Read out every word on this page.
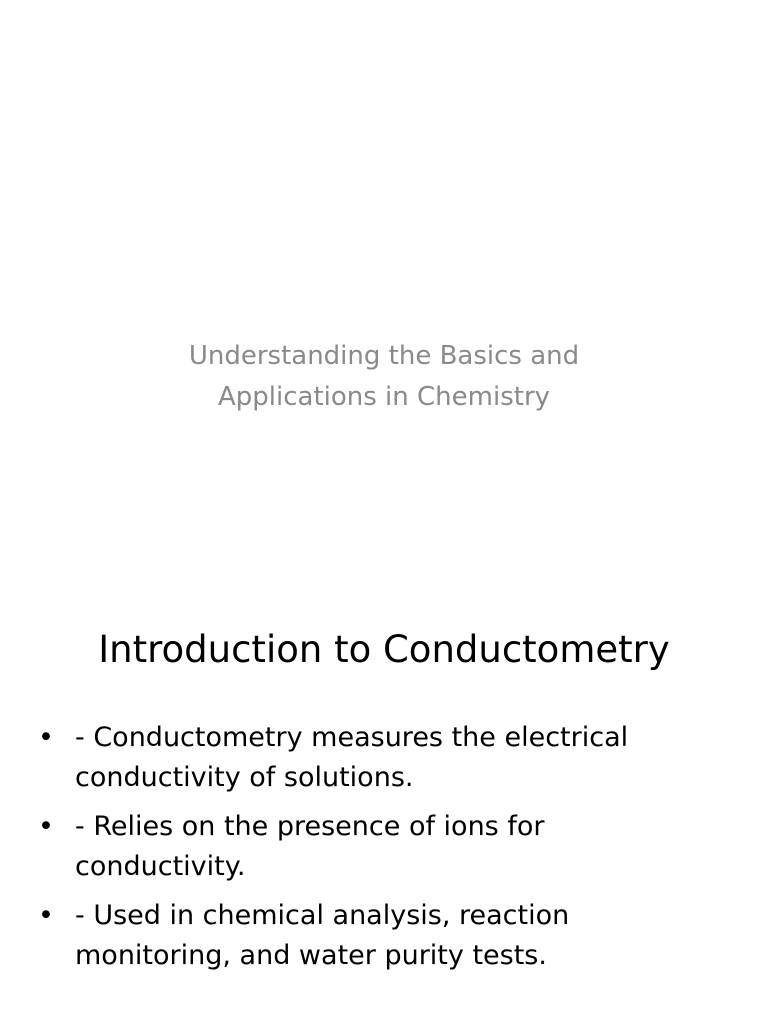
Understanding the Basics and
Applications in Chemistry

Introduction to Conductometry
• - Conductometry measures the electrical conductivity of solutions.
• - Relies on the presence of ions for conductivity.
• - Used in chemical analysis, reaction monitoring, and water purity tests.
